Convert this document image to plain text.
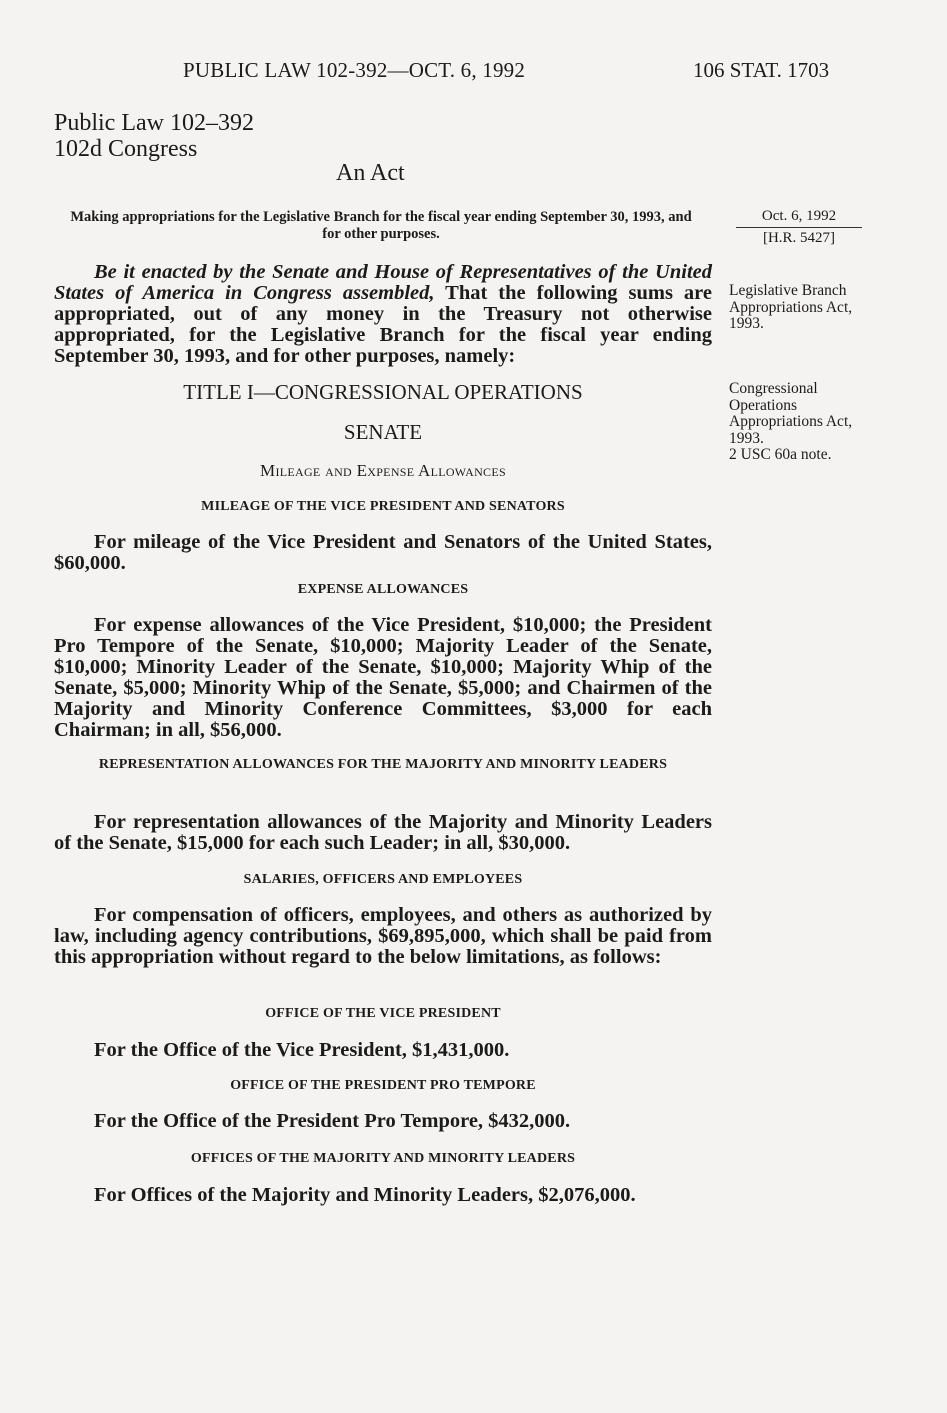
PUBLIC LAW 102-392—OCT. 6, 1992	106 STAT. 1703
Public Law 102–392
102d Congress
An Act
Making appropriations for the Legislative Branch for the fiscal year ending September 30, 1993, and for other purposes.
Oct. 6, 1992
[H.R. 5427]
Legislative Branch Appropriations Act, 1993.
Congressional Operations Appropriations Act, 1993.
2 USC 60a note.
Be it enacted by the Senate and House of Representatives of the United States of America in Congress assembled, That the following sums are appropriated, out of any money in the Treasury not otherwise appropriated, for the Legislative Branch for the fiscal year ending September 30, 1993, and for other purposes, namely:
TITLE I—CONGRESSIONAL OPERATIONS
SENATE
Mileage and Expense Allowances
MILEAGE OF THE VICE PRESIDENT AND SENATORS
For mileage of the Vice President and Senators of the United States, $60,000.
EXPENSE ALLOWANCES
For expense allowances of the Vice President, $10,000; the President Pro Tempore of the Senate, $10,000; Majority Leader of the Senate, $10,000; Minority Leader of the Senate, $10,000; Majority Whip of the Senate, $5,000; Minority Whip of the Senate, $5,000; and Chairmen of the Majority and Minority Conference Committees, $3,000 for each Chairman; in all, $56,000.
REPRESENTATION ALLOWANCES FOR THE MAJORITY AND MINORITY LEADERS
For representation allowances of the Majority and Minority Leaders of the Senate, $15,000 for each such Leader; in all, $30,000.
SALARIES, OFFICERS AND EMPLOYEES
For compensation of officers, employees, and others as authorized by law, including agency contributions, $69,895,000, which shall be paid from this appropriation without regard to the below limitations, as follows:
OFFICE OF THE VICE PRESIDENT
For the Office of the Vice President, $1,431,000.
OFFICE OF THE PRESIDENT PRO TEMPORE
For the Office of the President Pro Tempore, $432,000.
OFFICES OF THE MAJORITY AND MINORITY LEADERS
For Offices of the Majority and Minority Leaders, $2,076,000.
